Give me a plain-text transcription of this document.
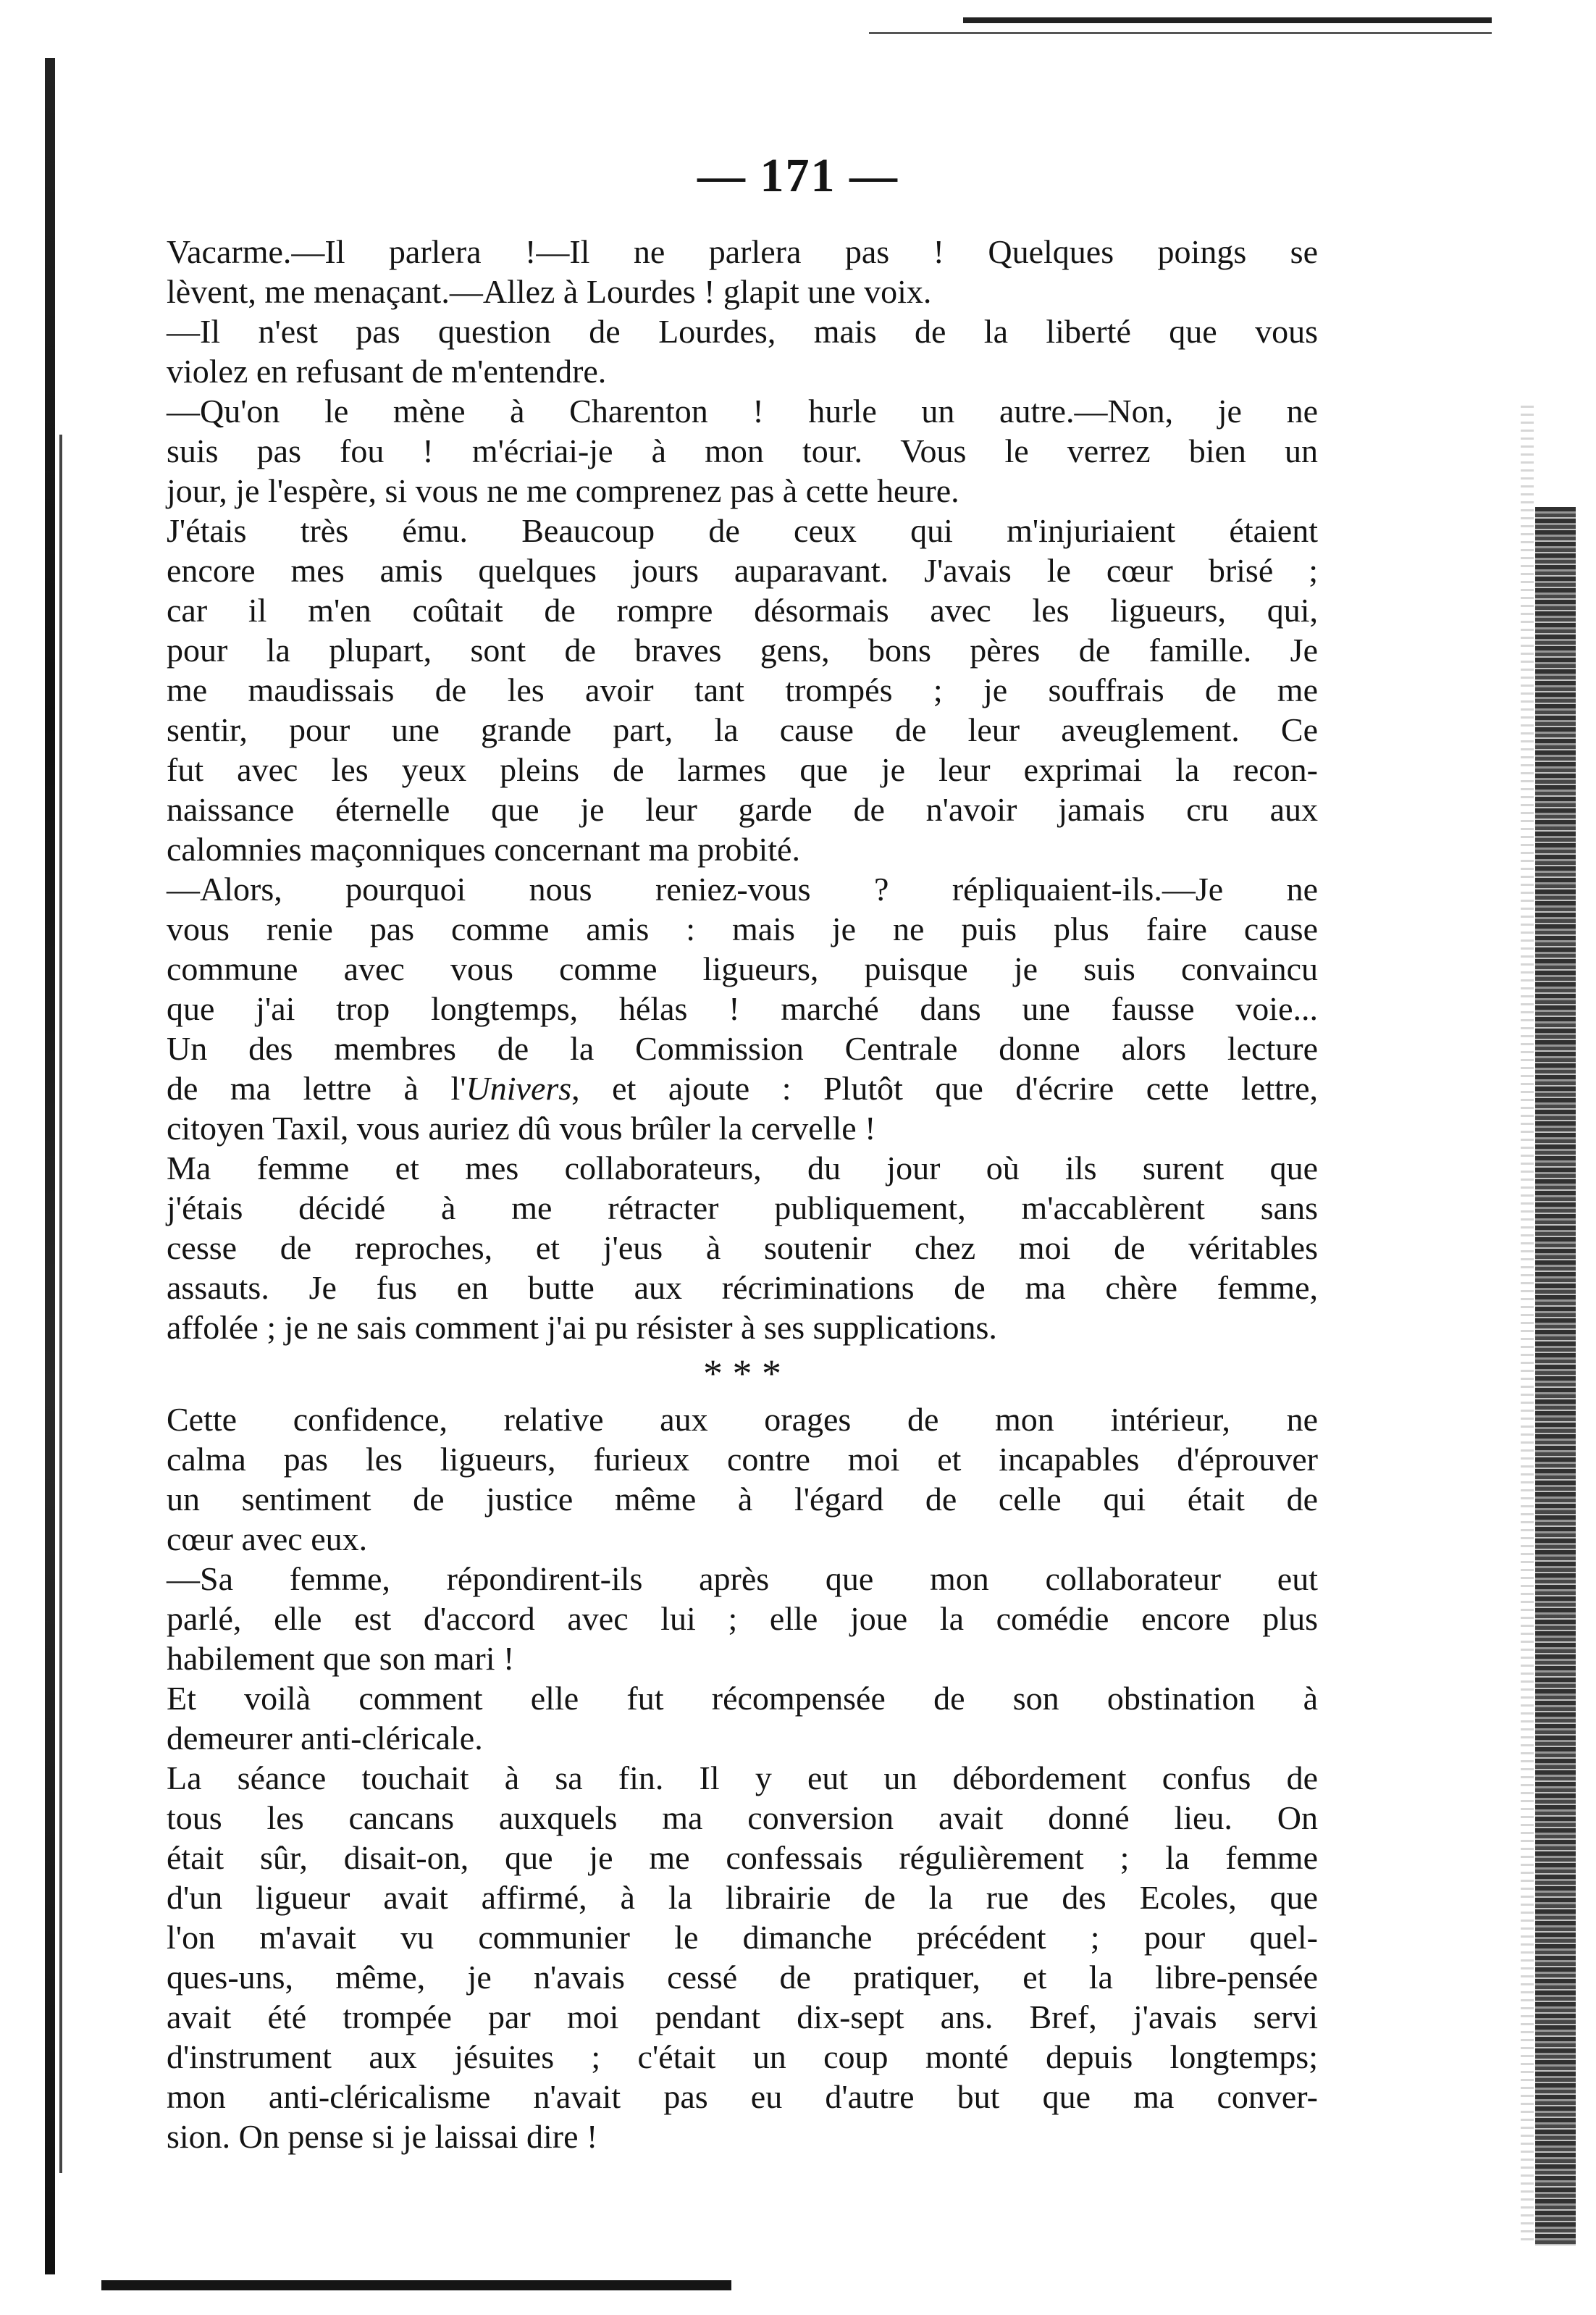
— 171 —
Vacarme.—Il parlera !—Il ne parlera pas ! Quelques poings se
lèvent, me menaçant.—Allez à Lourdes ! glapit une voix.
—Il n'est pas question de Lourdes, mais de la liberté que vous
violez en refusant de m'entendre.
—Qu'on le mène à Charenton ! hurle un autre.—Non, je ne
suis pas fou ! m'écriai-je à mon tour. Vous le verrez bien un
jour, je l'espère, si vous ne me comprenez pas à cette heure.
J'étais très ému. Beaucoup de ceux qui m'injuriaient étaient
encore mes amis quelques jours auparavant. J'avais le cœur brisé ;
car il m'en coûtait de rompre désormais avec les ligueurs, qui,
pour la plupart, sont de braves gens, bons pères de famille. Je
me maudissais de les avoir tant trompés ; je souffrais de me
sentir, pour une grande part, la cause de leur aveuglement. Ce
fut avec les yeux pleins de larmes que je leur exprimai la recon-
naissance éternelle que je leur garde de n'avoir jamais cru aux
calomnies maçonniques concernant ma probité.
—Alors, pourquoi nous reniez-vous ? répliquaient-ils.—Je ne
vous renie pas comme amis : mais je ne puis plus faire cause
commune avec vous comme ligueurs, puisque je suis convaincu
que j'ai trop longtemps, hélas ! marché dans une fausse voie...
Un des membres de la Commission Centrale donne alors lecture
de ma lettre à l'Univers, et ajoute : Plutôt que d'écrire cette lettre,
citoyen Taxil, vous auriez dû vous brûler la cervelle !
Ma femme et mes collaborateurs, du jour où ils surent que
j'étais décidé à me rétracter publiquement, m'accablèrent sans
cesse de reproches, et j'eus à soutenir chez moi de véritables
assauts. Je fus en butte aux récriminations de ma chère femme,
affolée ; je ne sais comment j'ai pu résister à ses supplications.
* * *
Cette confidence, relative aux orages de mon intérieur, ne
calma pas les ligueurs, furieux contre moi et incapables d'éprouver
un sentiment de justice même à l'égard de celle qui était de
cœur avec eux.
—Sa femme, répondirent-ils après que mon collaborateur eut
parlé, elle est d'accord avec lui ; elle joue la comédie encore plus
habilement que son mari !
Et voilà comment elle fut récompensée de son obstination à
demeurer anti-cléricale.
La séance touchait à sa fin. Il y eut un débordement confus de
tous les cancans auxquels ma conversion avait donné lieu. On
était sûr, disait-on, que je me confessais régulièrement ; la femme
d'un ligueur avait affirmé, à la librairie de la rue des Ecoles, que
l'on m'avait vu communier le dimanche précédent ; pour quel-
ques-uns, même, je n'avais cessé de pratiquer, et la libre-pensée
avait été trompée par moi pendant dix-sept ans. Bref, j'avais servi
d'instrument aux jésuites ; c'était un coup monté depuis longtemps;
mon anti-cléricalisme n'avait pas eu d'autre but que ma conver-
sion. On pense si je laissai dire !
